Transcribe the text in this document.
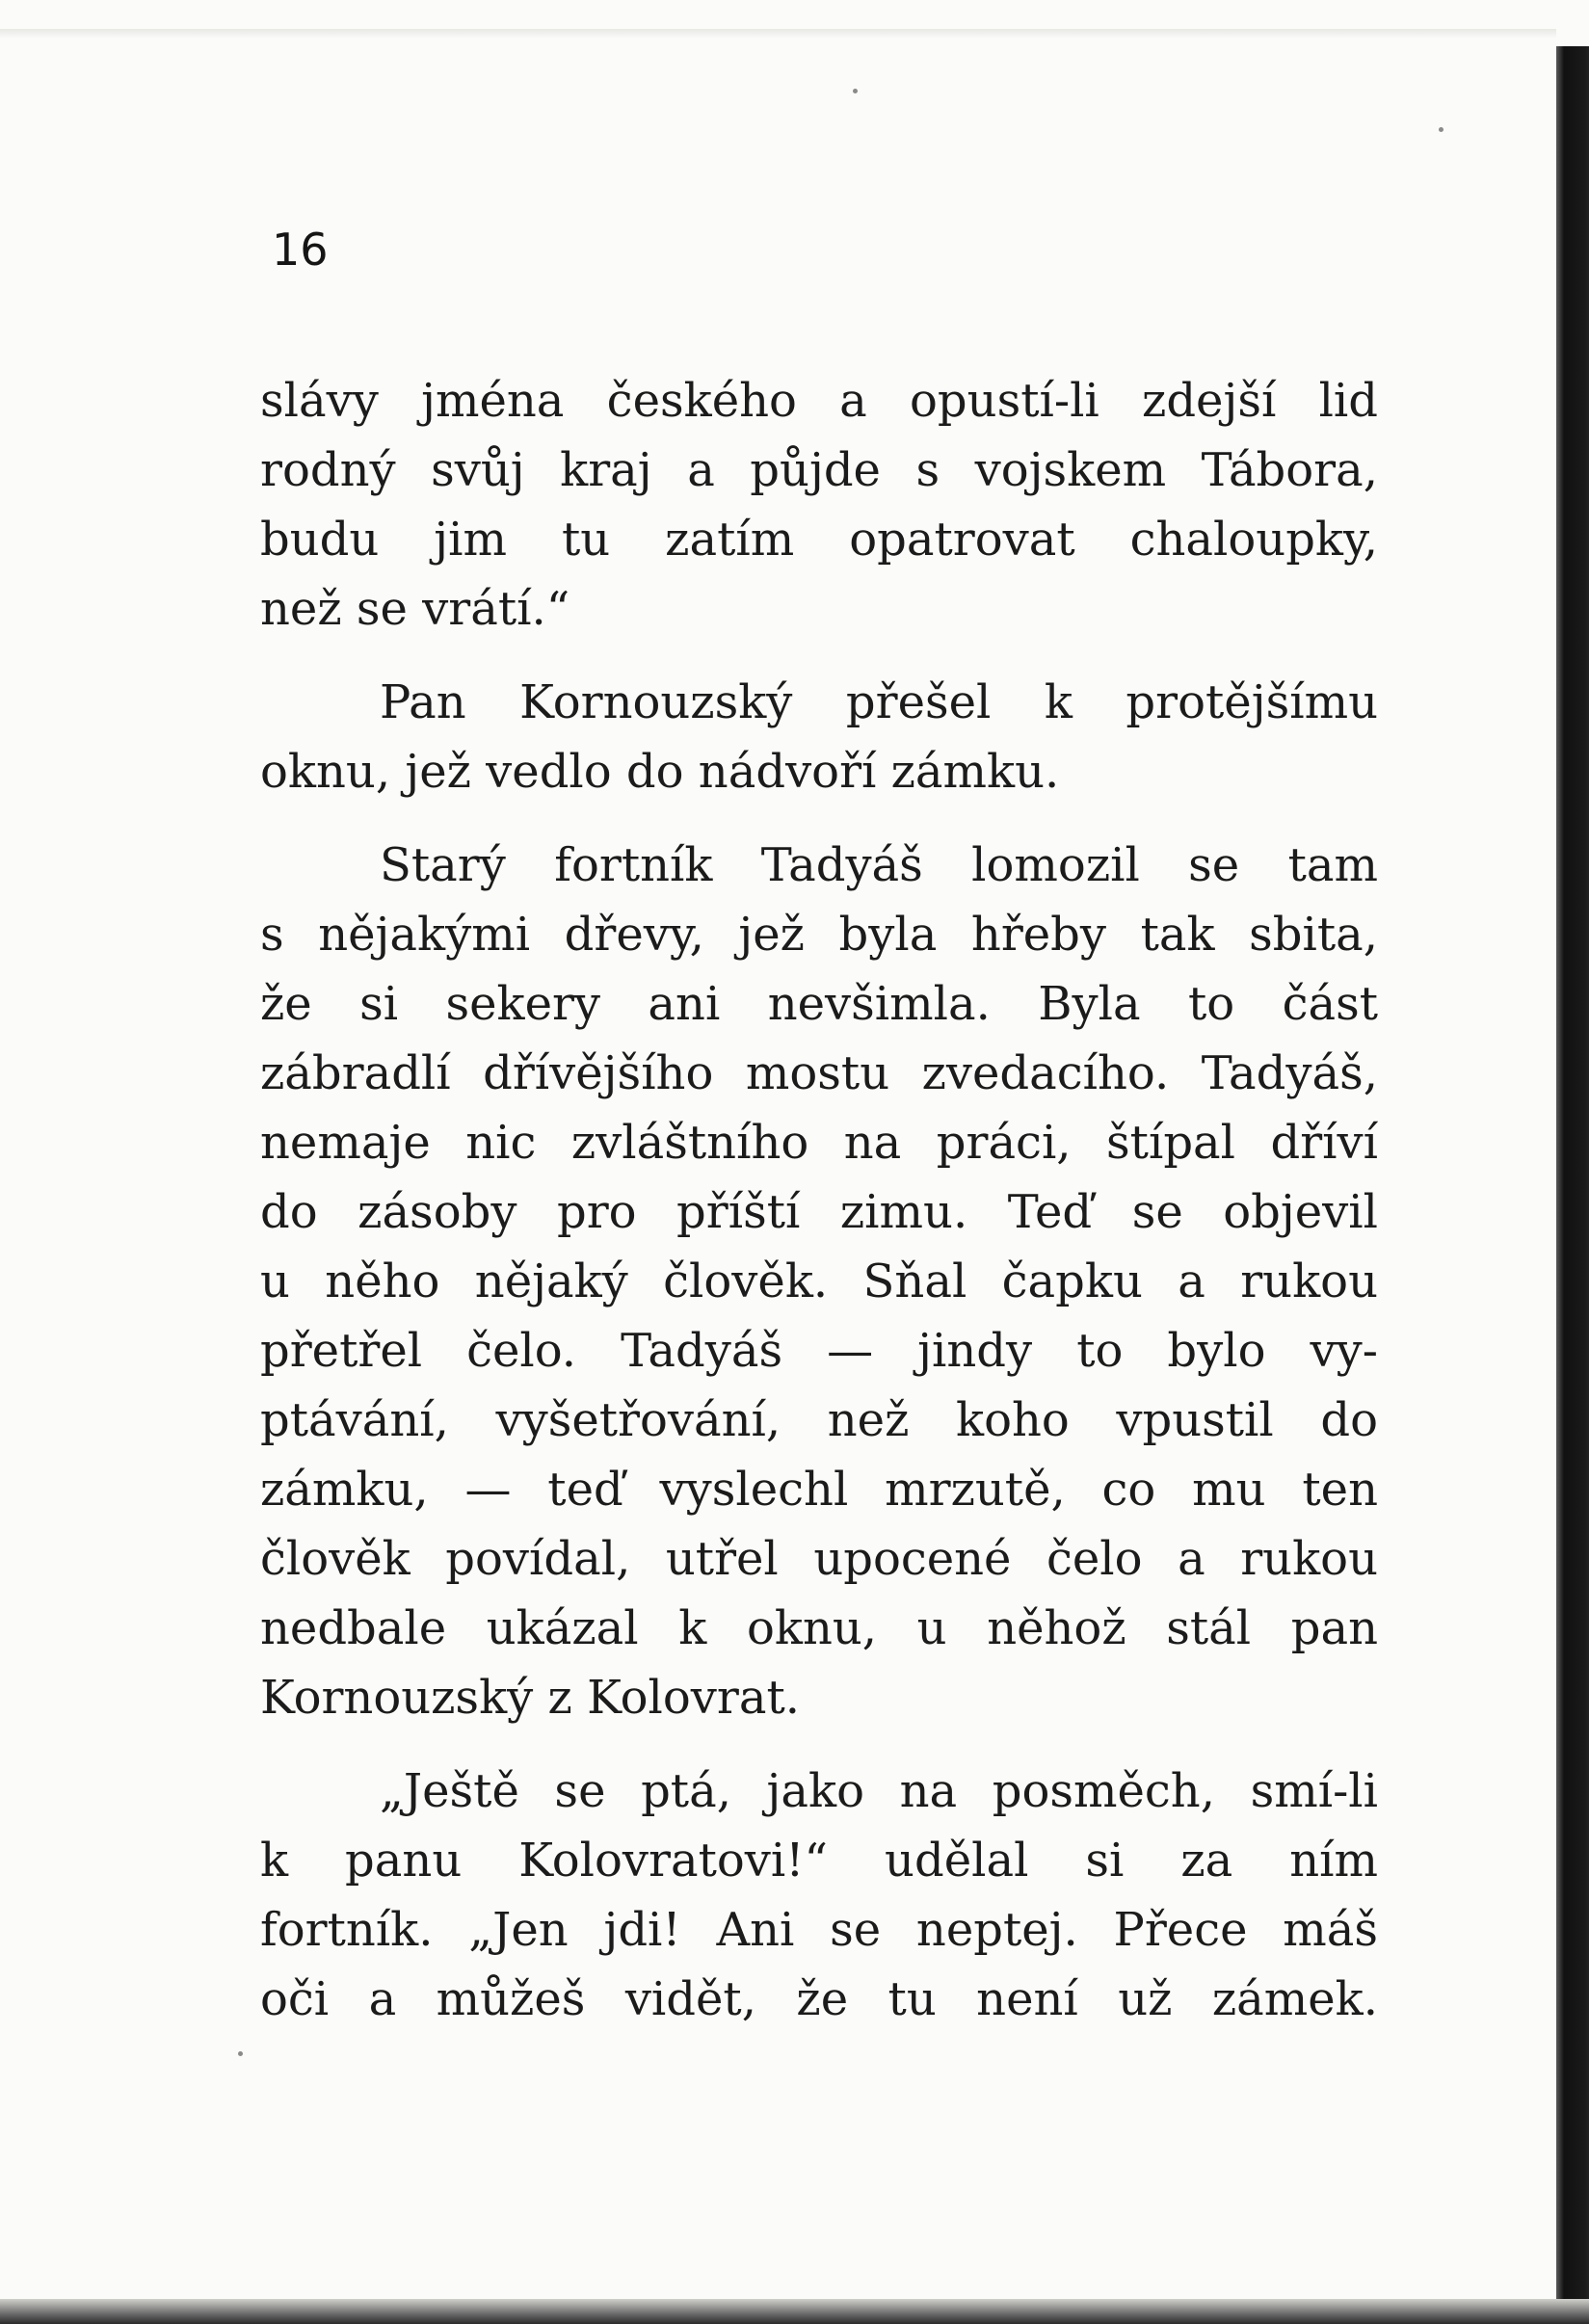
16
slávy jména českého a opustí-li zdejší lid
rodný svůj kraj a půjde s vojskem Tábora,
budu jim tu zatím opatrovat chaloupky,
než se vrátí.“
Pan Kornouzský přešel k protějšímu
oknu, jež vedlo do nádvoří zámku.
Starý fortník Tadyáš lomozil se tam
s nějakými dřevy, jež byla hřeby tak sbita,
že si sekery ani nevšimla. Byla to část
zábradlí dřívějšího mostu zvedacího. Tadyáš,
nemaje nic zvláštního na práci, štípal dříví
do zásoby pro příští zimu. Teď se objevil
u něho nějaký člověk. Sňal čapku a rukou
přetřel čelo. Tadyáš — jindy to bylo vy-
ptávání, vyšetřování, než koho vpustil do
zámku, — teď vyslechl mrzutě, co mu ten
člověk povídal, utřel upocené čelo a rukou
nedbale ukázal k oknu, u něhož stál pan
Kornouzský z Kolovrat.
„Ještě se ptá, jako na posměch, smí-li
k panu Kolovratovi!“ udělal si za ním
fortník. „Jen jdi! Ani se neptej. Přece máš
oči a můžeš vidět, že tu není už zámek.
